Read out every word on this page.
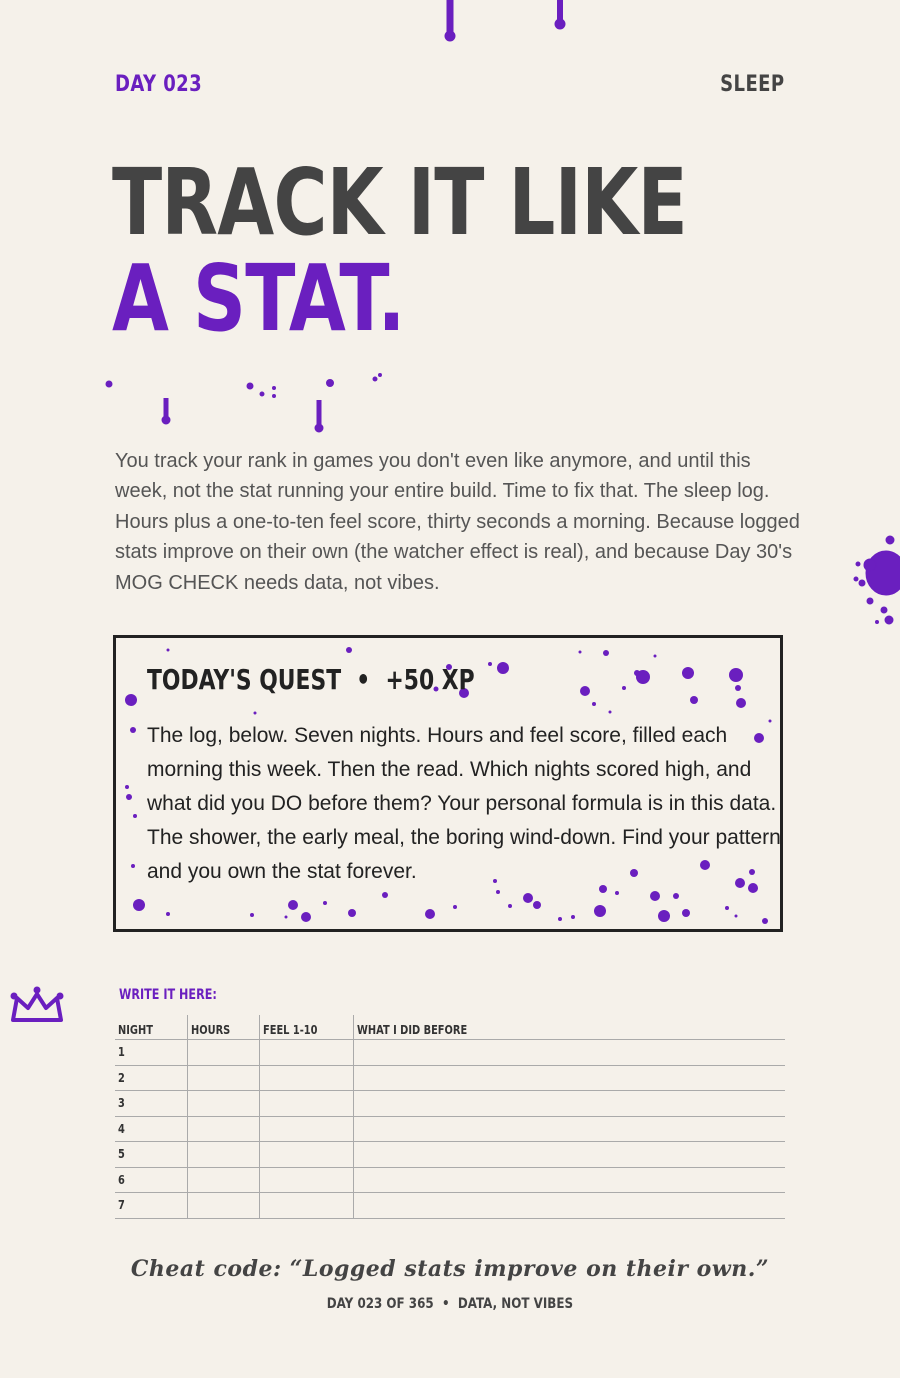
DAY 023	SLEEP
TRACK IT LIKE
A STAT.
You track your rank in games you don't even like anymore, and until this week, not the stat running your entire build. Time to fix that. The sleep log. Hours plus a one-to-ten feel score, thirty seconds a morning. Because logged stats improve on their own (the watcher effect is real), and because Day 30's MOG CHECK needs data, not vibes.
TODAY'S QUEST  •  +50 XP
The log, below. Seven nights. Hours and feel score, filled each morning this week. Then the read. Which nights scored high, and what did you DO before them? Your personal formula is in this data. The shower, the early meal, the boring wind-down. Find your pattern and you own the stat forever.
WRITE IT HERE:
NIGHT	HOURS	FEEL 1-10	WHAT I DID BEFORE
1			
2			
3			
4			
5			
6			
7			
Cheat code: “Logged stats improve on their own.”
DAY 023 OF 365  •  DATA, NOT VIBES
